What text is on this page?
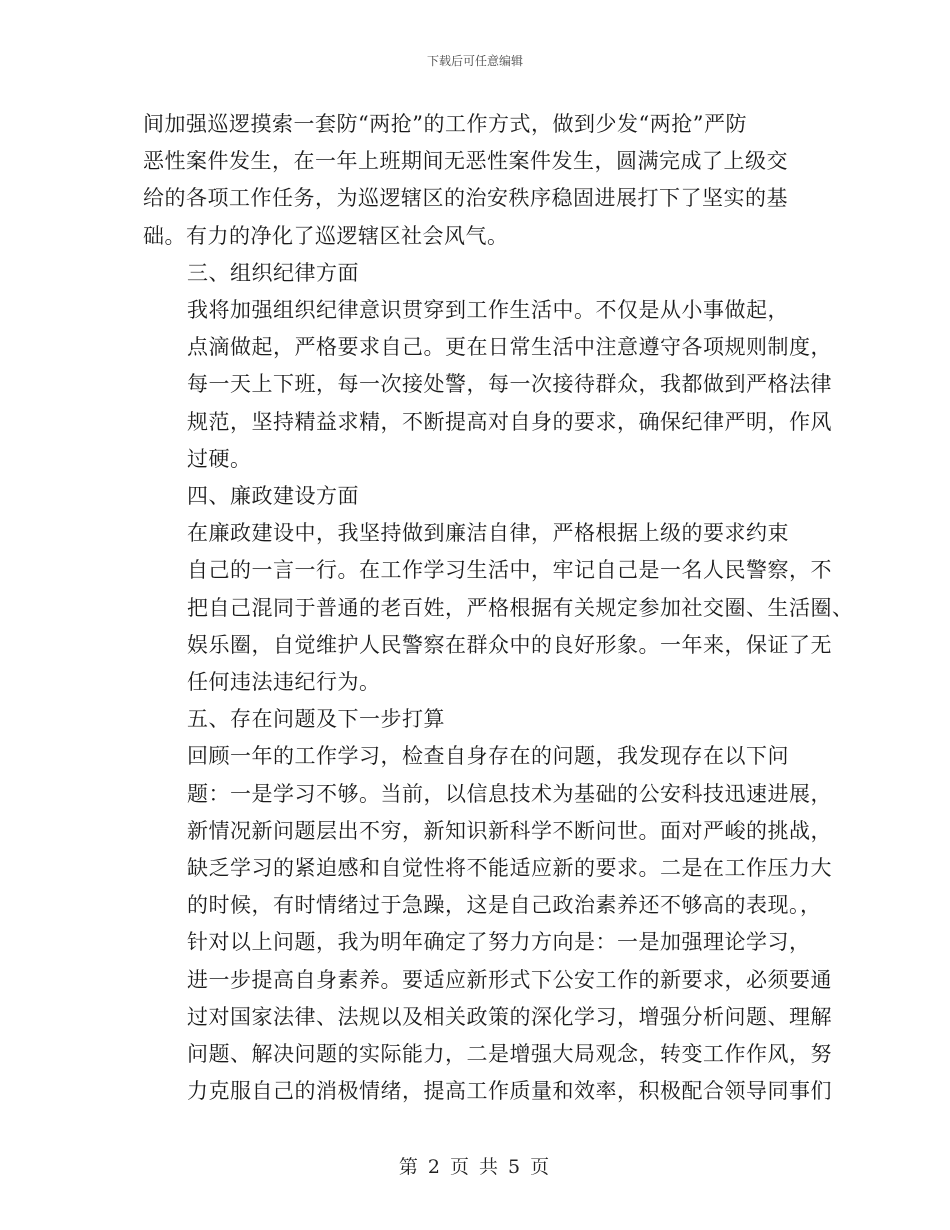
下载后可任意编辑

间加强巡逻摸索一套防“两抢”的工作方式，做到少发“两抢”严防
恶性案件发生，在一年上班期间无恶性案件发生，圆满完成了上级交
给的各项工作任务，为巡逻辖区的治安秩序稳固进展打下了坚实的基
础。有力的净化了巡逻辖区社会风气。

三、组织纪律方面

我将加强组织纪律意识贯穿到工作生活中。不仅是从小事做起，
点滴做起，严格要求自己。更在日常生活中注意遵守各项规则制度，
每一天上下班，每一次接处警，每一次接待群众，我都做到严格法律
规范，坚持精益求精，不断提高对自身的要求，确保纪律严明，作风
过硬。

四、廉政建设方面

在廉政建设中，我坚持做到廉洁自律，严格根据上级的要求约束
自己的一言一行。在工作学习生活中，牢记自己是一名人民警察，不
把自己混同于普通的老百姓，严格根据有关规定参加社交圈、生活圈、
娱乐圈，自觉维护人民警察在群众中的良好形象。一年来，保证了无
任何违法违纪行为。

五、存在问题及下一步打算

回顾一年的工作学习，检查自身存在的问题，我发现存在以下问
题：一是学习不够。当前，以信息技术为基础的公安科技迅速进展，
新情况新问题层出不穷，新知识新科学不断问世。面对严峻的挑战，
缺乏学习的紧迫感和自觉性将不能适应新的要求。二是在工作压力大
的时候，有时情绪过于急躁，这是自己政治素养还不够高的表现。，

针对以上问题，我为明年确定了努力方向是：一是加强理论学习，
进一步提高自身素养。要适应新形式下公安工作的新要求，必须要通
过对国家法律、法规以及相关政策的深化学习，增强分析问题、理解
问题、解决问题的实际能力，二是增强大局观念，转变工作作风，努
力克服自己的消极情绪，提高工作质量和效率，积极配合领导同事们

第 2 页 共 5 页
